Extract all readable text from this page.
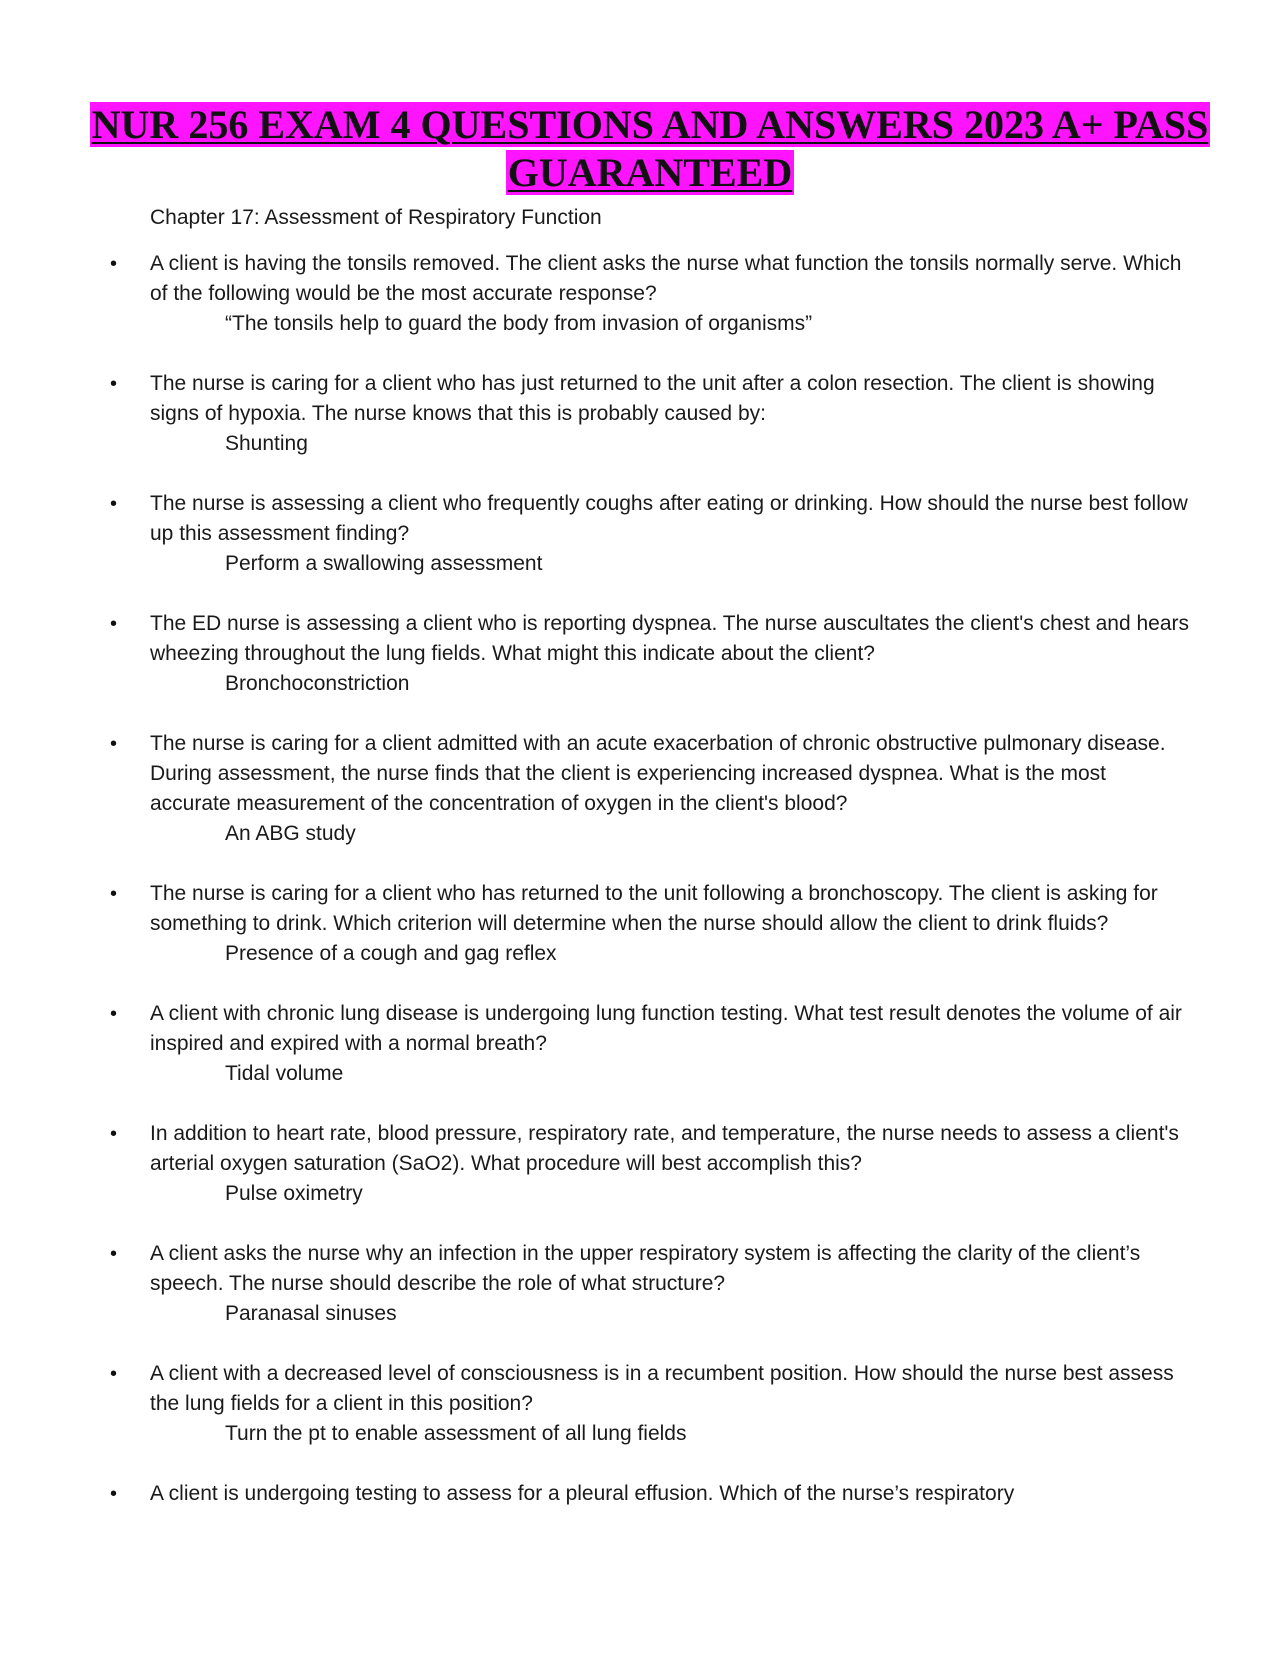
NUR 256 EXAM 4 QUESTIONS AND ANSWERS 2023 A+ PASS GUARANTEED
Chapter 17: Assessment of Respiratory Function
• A client is having the tonsils removed. The client asks the nurse what function the tonsils normally serve. Which of the following would be the most accurate response?
“The tonsils help to guard the body from invasion of organisms”
• The nurse is caring for a client who has just returned to the unit after a colon resection. The client is showing signs of hypoxia. The nurse knows that this is probably caused by:
Shunting
• The nurse is assessing a client who frequently coughs after eating or drinking. How should the nurse best follow up this assessment finding?
Perform a swallowing assessment
• The ED nurse is assessing a client who is reporting dyspnea. The nurse auscultates the client's chest and hears wheezing throughout the lung fields. What might this indicate about the client?
Bronchoconstriction
• The nurse is caring for a client admitted with an acute exacerbation of chronic obstructive pulmonary disease. During assessment, the nurse finds that the client is experiencing increased dyspnea. What is the most accurate measurement of the concentration of oxygen in the client's blood?
An ABG study
• The nurse is caring for a client who has returned to the unit following a bronchoscopy. The client is asking for something to drink. Which criterion will determine when the nurse should allow the client to drink fluids?
Presence of a cough and gag reflex
• A client with chronic lung disease is undergoing lung function testing. What test result denotes the volume of air inspired and expired with a normal breath?
Tidal volume
• In addition to heart rate, blood pressure, respiratory rate, and temperature, the nurse needs to assess a client's arterial oxygen saturation (SaO2). What procedure will best accomplish this?
Pulse oximetry
• A client asks the nurse why an infection in the upper respiratory system is affecting the clarity of the client’s speech. The nurse should describe the role of what structure?
Paranasal sinuses
• A client with a decreased level of consciousness is in a recumbent position. How should the nurse best assess the lung fields for a client in this position?
Turn the pt to enable assessment of all lung fields
• A client is undergoing testing to assess for a pleural effusion. Which of the nurse’s respiratory
